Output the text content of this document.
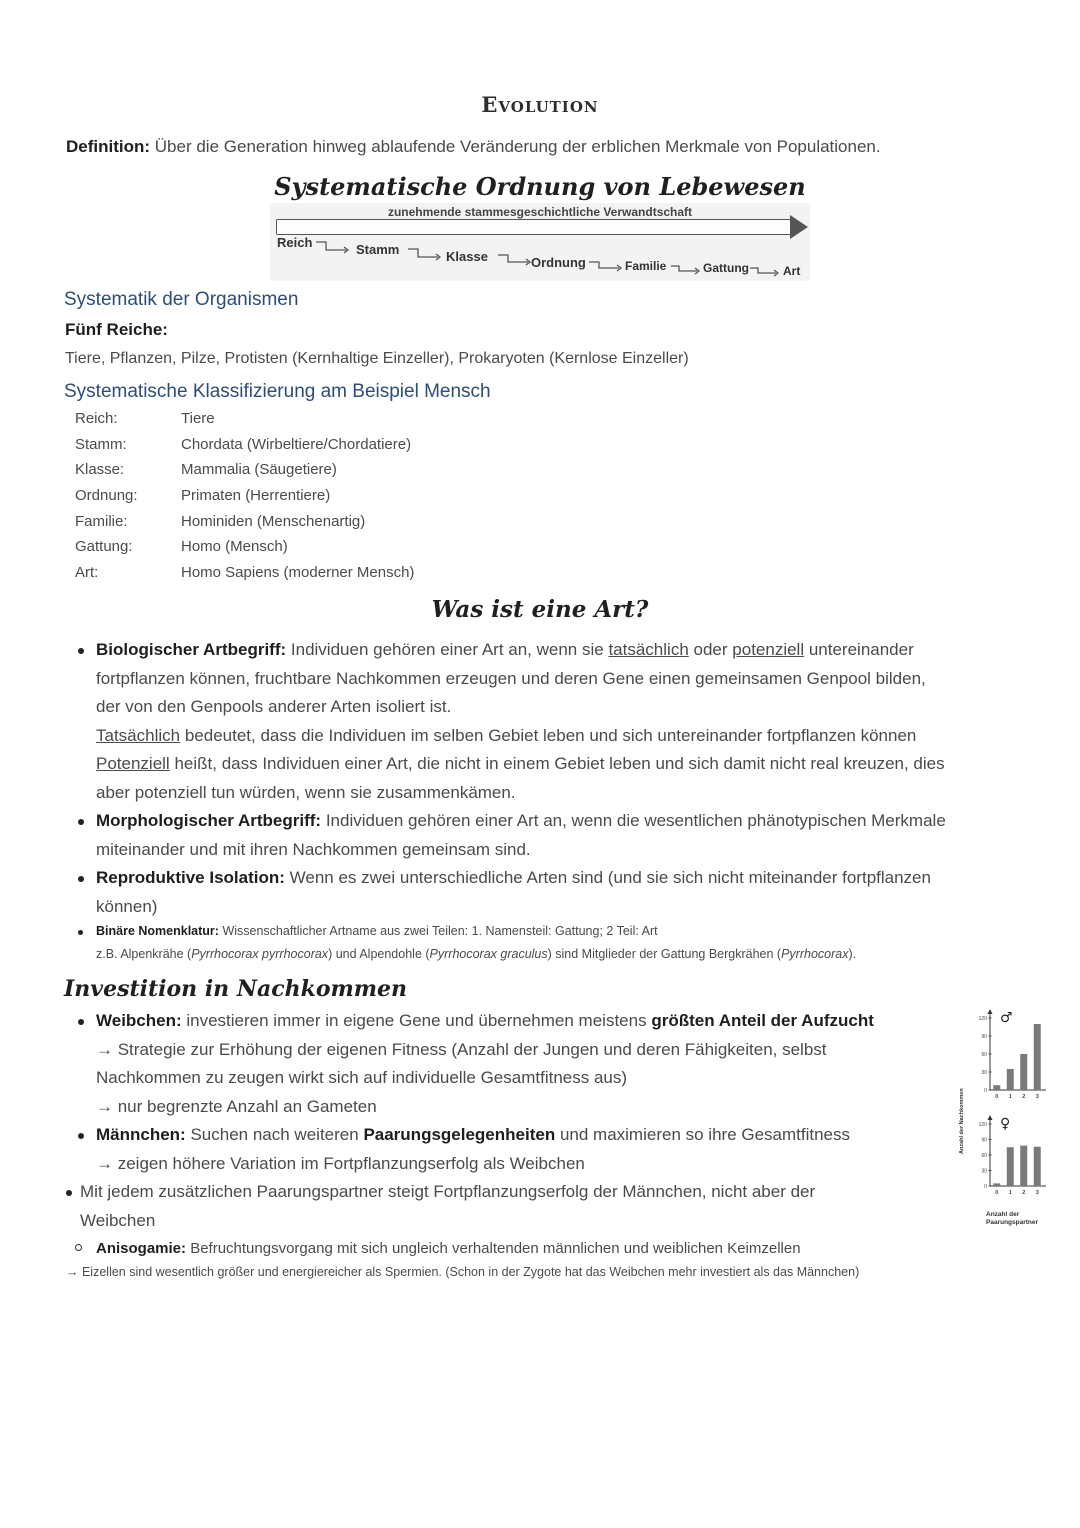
Evolution
Definition: Über die Generation hinweg ablaufende Veränderung der erblichen Merkmale von Populationen.
Systematische Ordnung von Lebewesen
zunehmende stammesgeschichtliche Verwandtschaft
Reich	Stamm	Klasse	Ordnung	Familie	Gattung	Art
Systematik der Organismen
Fünf Reiche:
Tiere, Pflanzen, Pilze, Protisten (Kernhaltige Einzeller), Prokaryoten (Kernlose Einzeller)
Systematische Klassifizierung am Beispiel Mensch
Reich:	Tiere
Stamm:	Chordata (Wirbeltiere/Chordatiere)
Klasse:	Mammalia (Säugetiere)
Ordnung:	Primaten (Herrentiere)
Familie:	Hominiden (Menschenartig)
Gattung:	Homo (Mensch)
Art:	Homo Sapiens (moderner Mensch)
Was ist eine Art?
Biologischer Artbegriff: Individuen gehören einer Art an, wenn sie tatsächlich oder potenziell untereinander
fortpflanzen können, fruchtbare Nachkommen erzeugen und deren Gene einen gemeinsamen Genpool bilden,
der von den Genpools anderer Arten isoliert ist.
Tatsächlich bedeutet, dass die Individuen im selben Gebiet leben und sich untereinander fortpflanzen können
Potenziell heißt, dass Individuen einer Art, die nicht in einem Gebiet leben und sich damit nicht real kreuzen, dies
aber potenziell tun würden, wenn sie zusammenkämen.
Morphologischer Artbegriff: Individuen gehören einer Art an, wenn die wesentlichen phänotypischen Merkmale
miteinander und mit ihren Nachkommen gemeinsam sind.
Reproduktive Isolation: Wenn es zwei unterschiedliche Arten sind (und sie sich nicht miteinander fortpflanzen
können)
Binäre Nomenklatur: Wissenschaftlicher Artname aus zwei Teilen: 1. Namensteil: Gattung; 2 Teil: Art
z.B. Alpenkrähe (Pyrrhocorax pyrrhocorax) und Alpendohle (Pyrrhocorax graculus) sind Mitglieder der Gattung Bergkrähen (Pyrrhocorax).
Investition in Nachkommen
Weibchen: investieren immer in eigene Gene und übernehmen meistens größten Anteil der Aufzucht
→ Strategie zur Erhöhung der eigenen Fitness (Anzahl der Jungen und deren Fähigkeiten, selbst
Nachkommen zu zeugen wirkt sich auf individuelle Gesamtfitness aus)
→ nur begrenzte Anzahl an Gameten
Männchen: Suchen nach weiteren Paarungsgelegenheiten und maximieren so ihre Gesamtfitness
→ zeigen höhere Variation im Fortpflanzungserfolg als Weibchen
Mit jedem zusätzlichen Paarungspartner steigt Fortpflanzungserfolg der Männchen, nicht aber der
Weibchen
Anisogamie: Befruchtungsvorgang mit sich ungleich verhaltenden männlichen und weiblichen Keimzellen
→ Eizellen sind wesentlich größer und energiereicher als Spermien. (Schon in der Zygote hat das Weibchen mehr investiert als das Männchen)
120
90
60
30
0
0 1 2 3
♂
120
90
60
30
0
0 1 2 3
♀
Anzahl der Nachkommen
Anzahl der
Paarungspartner
